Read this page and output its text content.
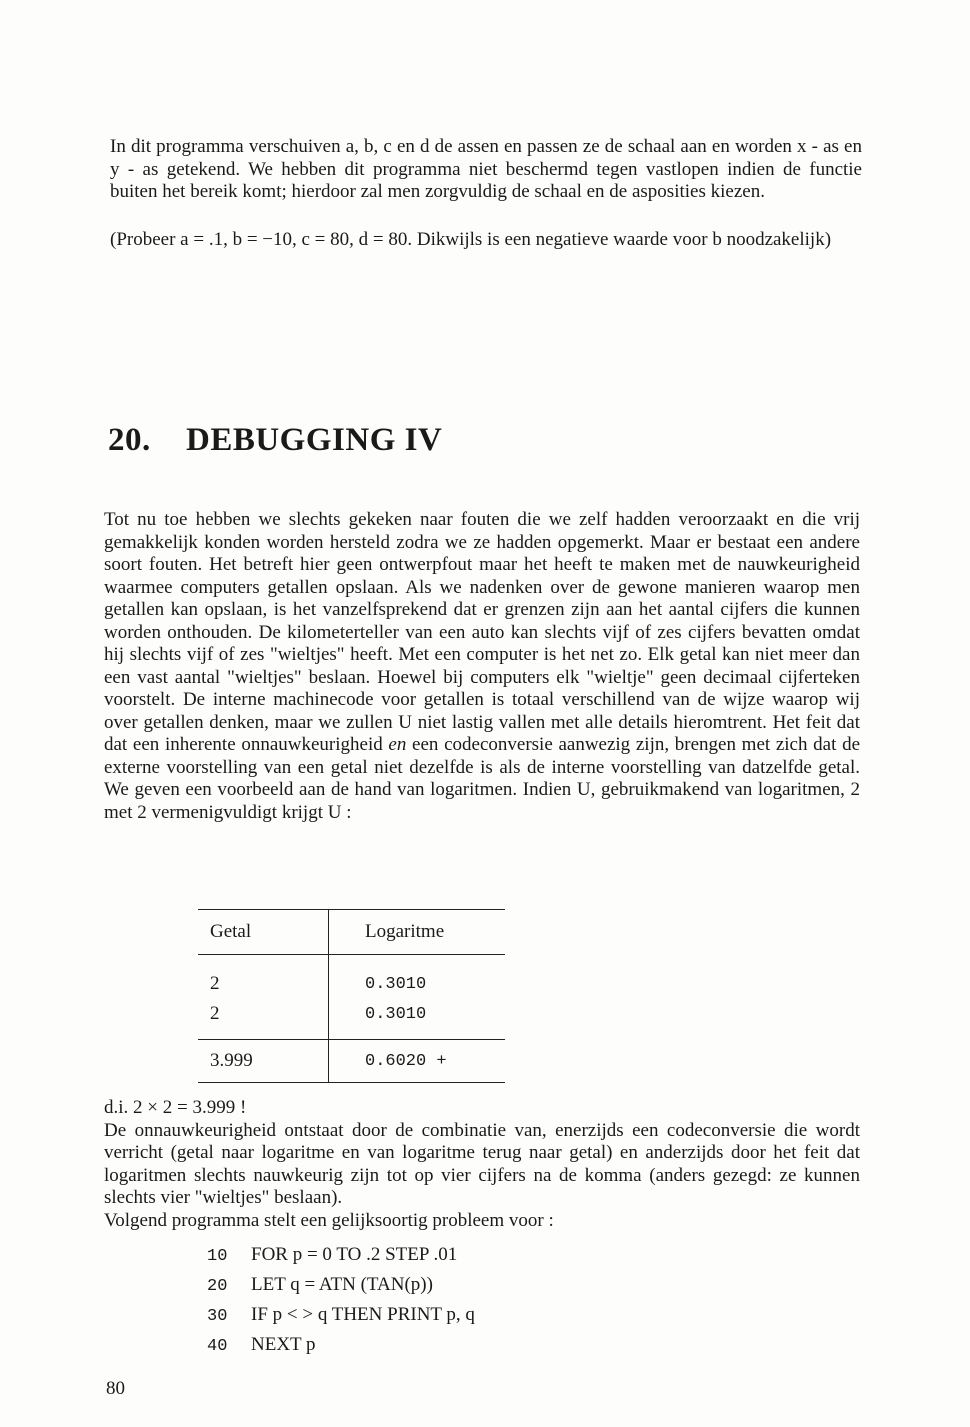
In dit programma verschuiven a, b, c en d de assen en passen ze de schaal aan en worden x - as en y - as getekend. We hebben dit programma niet beschermd tegen vastlopen indien de functie buiten het bereik komt; hierdoor zal men zorgvuldig de schaal en de asposities kiezen.

(Probeer a = .1, b = −10, c = 80, d = 80. Dikwijls is een negatieve waarde voor b noodzakelijk)

20. DEBUGGING IV

Tot nu toe hebben we slechts gekeken naar fouten die we zelf hadden veroorzaakt en die vrij gemakkelijk konden worden hersteld zodra we ze hadden opgemerkt. Maar er bestaat een andere soort fouten. Het betreft hier geen ontwerpfout maar het heeft te maken met de nauwkeurigheid waarmee computers getallen opslaan. Als we nadenken over de gewone manieren waarop men getallen kan opslaan, is het vanzelfsprekend dat er grenzen zijn aan het aantal cijfers die kunnen worden onthouden. De kilometerteller van een auto kan slechts vijf of zes cijfers bevatten omdat hij slechts vijf of zes "wieltjes" heeft. Met een computer is het net zo. Elk getal kan niet meer dan een vast aantal "wieltjes" beslaan. Hoewel bij computers elk "wieltje" geen decimaal cijferteken voorstelt. De interne machinecode voor getallen is totaal verschillend van de wijze waarop wij over getallen denken, maar we zullen U niet lastig vallen met alle details hieromtrent. Het feit dat dat een inherente onnauwkeurigheid en een codeconversie aanwezig zijn, brengen met zich dat de externe voorstelling van een getal niet dezelfde is als de interne voorstelling van datzelfde getal. We geven een voorbeeld aan de hand van logaritmen. Indien U, gebruikmakend van logaritmen, 2 met 2 vermenigvuldigt krijgt U :

Getal	Logaritme
2	0.3010
2	0.3010
3.999	0.6020 +
d.i. 2 × 2 = 3.999 !
De onnauwkeurigheid ontstaat door de combinatie van, enerzijds een codeconversie die wordt verricht (getal naar logaritme en van logaritme terug naar getal) en anderzijds door het feit dat logaritmen slechts nauwkeurig zijn tot op vier cijfers na de komma (anders gezegd: ze kunnen slechts vier "wieltjes" beslaan).
Volgend programma stelt een gelijksoortig probleem voor :
10 FOR p = 0 TO .2 STEP .01
20 LET q = ATN (TAN(p))
30 IF p < > q THEN PRINT p, q
40 NEXT p
80
